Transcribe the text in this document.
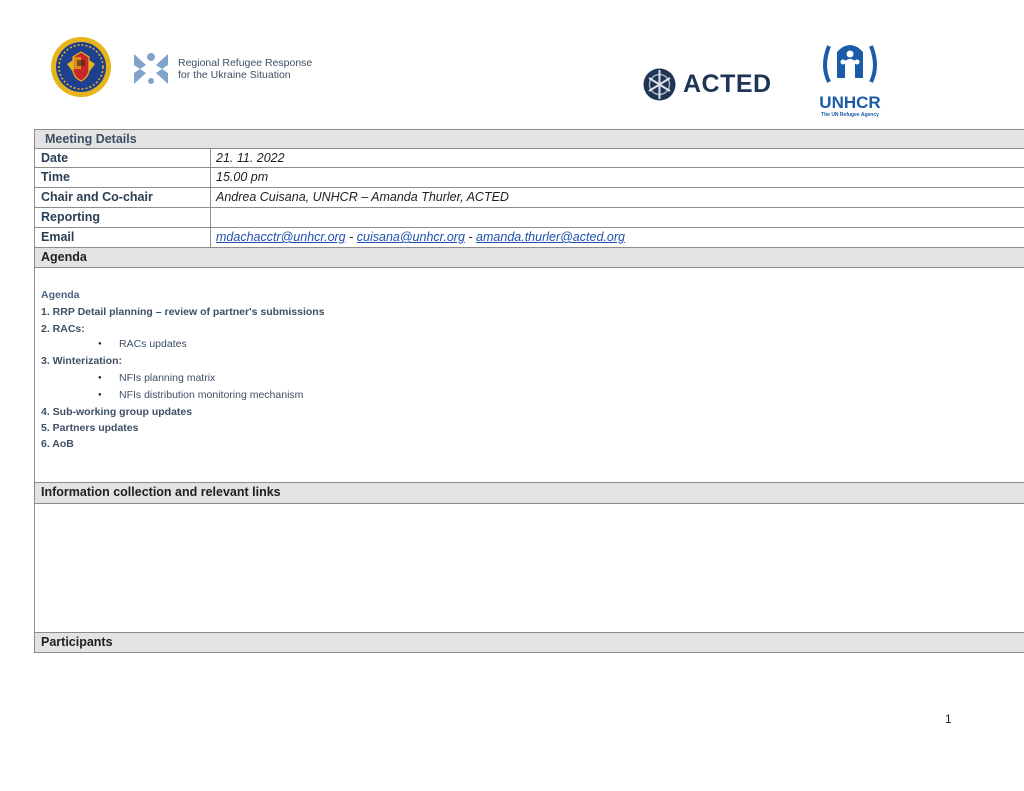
Regional Refugee Response
for the Ukraine Situation	ACTED
UNHCR
The UN Refugee Agency
Meeting Details
Date	21. 11. 2022
Time	15.00 pm
Chair and Co-chair	Andrea Cuisana, UNHCR – Amanda Thurler, ACTED
Reporting
Email	mdachacctr@unhcr.org - cuisana@unhcr.org - amanda.thurler@acted.org
Agenda
Agenda
1. RRP Detail planning – review of partner's submissions
2. RACs:
● RACs updates
3. Winterization:
● NFIs planning matrix
● NFIs distribution monitoring mechanism
4. Sub-working group updates
5. Partners updates
6. AoB
Information collection and relevant links
Participants
1
